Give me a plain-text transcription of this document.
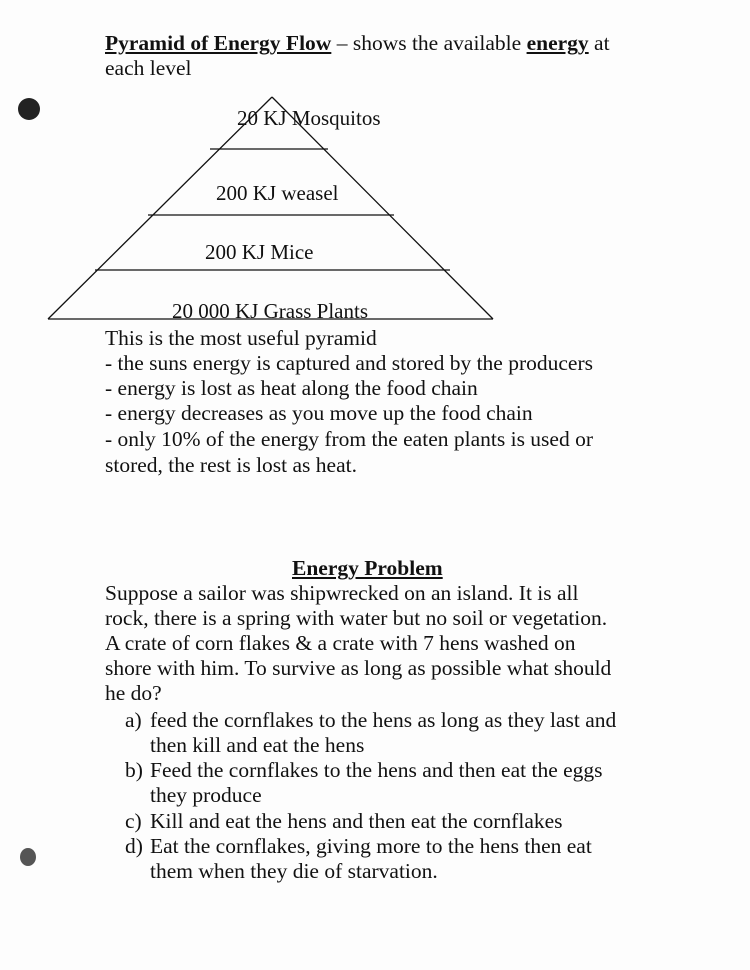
Pyramid of Energy Flow – shows the available energy at
each level
20 KJ Mosquitos
200 KJ weasel
200 KJ Mice
20 000 KJ Grass Plants
This is the most useful pyramid
- the suns energy is captured and stored by the producers
- energy is lost as heat along the food chain
- energy decreases as you move up the food chain
- only 10% of the energy from the eaten plants is used or
stored, the rest is lost as heat.
Energy Problem
Suppose a sailor was shipwrecked on an island. It is all
rock, there is a spring with water but no soil or vegetation.
A crate of corn flakes & a crate with 7 hens washed on
shore with him. To survive as long as possible what should
he do?
a) feed the cornflakes to the hens as long as they last and
then kill and eat the hens
b) Feed the cornflakes to the hens and then eat the eggs
they produce
c) Kill and eat the hens and then eat the cornflakes
d) Eat the cornflakes, giving more to the hens then eat
them when they die of starvation.
